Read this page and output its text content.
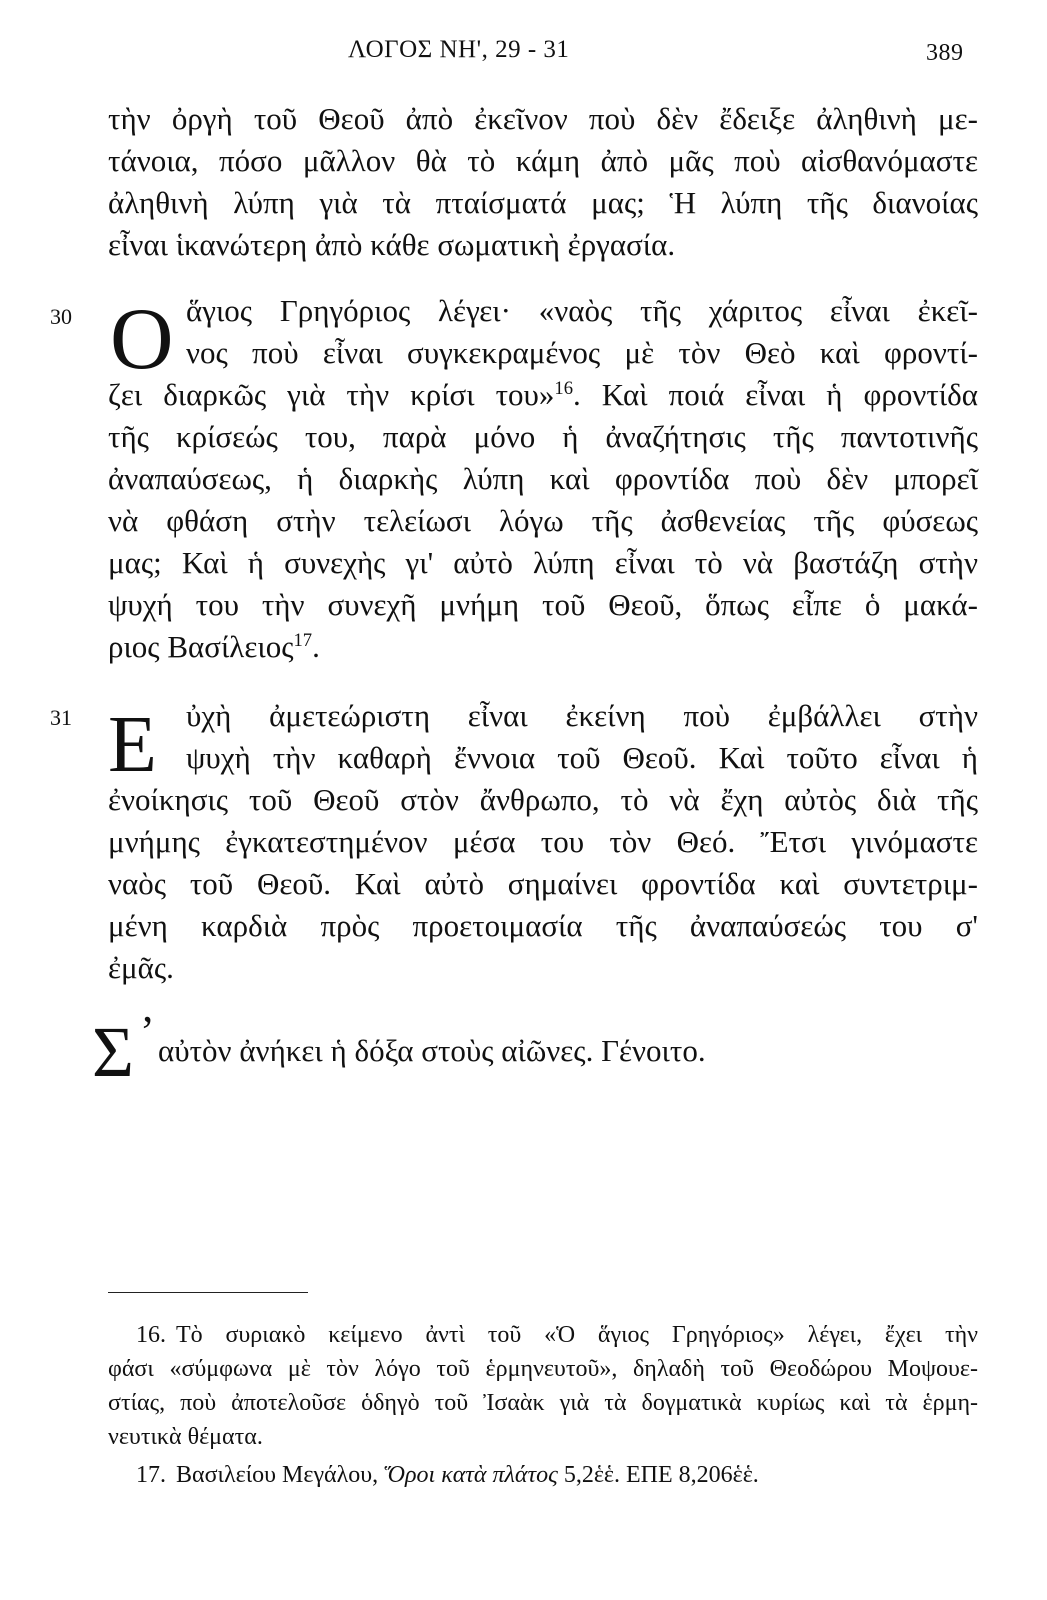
ΛΟΓΟΣ ΝΗ', 29 - 31	389
τὴν ὀργὴ τοῦ Θεοῦ ἀπὸ ἐκεῖνον ποὺ δὲν ἔδειξε ἀληθινὴ με-
τάνοια, πόσο μᾶλλον θὰ τὸ κάμη ἀπὸ μᾶς ποὺ αἰσθανόμαστε
ἀληθινὴ λύπη γιὰ τὰ πταίσματά μας; Ἡ λύπη τῆς διανοίας
εἶναι ἱκανώτερη ἀπὸ κάθε σωματικὴ ἐργασία.
30 Ο ἅγιος Γρηγόριος λέγει· «ναὸς τῆς χάριτος εἶναι ἐκεῖ-
νος ποὺ εἶναι συγκεκραμένος μὲ τὸν Θεὸ καὶ φροντί-
ζει διαρκῶς γιὰ τὴν κρίσι του»$^{16}$. Καὶ ποιά εἶναι ἡ φροντίδα
τῆς κρίσεώς του, παρὰ μόνο ἡ ἀναζήτησις τῆς παντοτινῆς
ἀναπαύσεως, ἡ διαρκὴς λύπη καὶ φροντίδα ποὺ δὲν μπορεῖ
νὰ φθάση στὴν τελείωσι λόγω τῆς ἀσθενείας τῆς φύσεως
μας; Καὶ ἡ συνεχὴς γι' αὐτὸ λύπη εἶναι τὸ νὰ βαστάζη στὴν
ψυχή του τὴν συνεχῆ μνήμη τοῦ Θεοῦ, ὅπως εἶπε ὁ μακά-
ριος Βασίλειος$^{17}$.
31 Ε ὐχὴ ἀμετεώριστη εἶναι ἐκείνη ποὺ ἐμβάλλει στὴν
ψυχὴ τὴν καθαρὴ ἔννοια τοῦ Θεοῦ. Καὶ τοῦτο εἶναι ἡ
ἐνοίκησις τοῦ Θεοῦ στὸν ἄνθρωπο, τὸ νὰ ἔχη αὐτὸς διὰ τῆς
μνήμης ἐγκατεστημένον μέσα του τὸν Θεό. Ἔτσι γινόμαστε
ναὸς τοῦ Θεοῦ. Καὶ αὐτὸ σημαίνει φροντίδα καὶ συντετριμ-
μένη καρδιὰ πρὸς προετοιμασία τῆς ἀναπαύσεώς του σ'
ἐμᾶς.
Σ ’ αὐτὸν ἀνήκει ἡ δόξα στοὺς αἰῶνες. Γένοιτο.
16. Τὸ συριακὸ κείμενο ἀντὶ τοῦ «Ὁ ἅγιος Γρηγόριος» λέγει, ἔχει τὴν
φάσι «σύμφωνα μὲ τὸν λόγο τοῦ ἑρμηνευτοῦ», δηλαδὴ τοῦ Θεοδώρου Μοψουε-
στίας, ποὺ ἀποτελοῦσε ὁδηγὸ τοῦ Ἰσαὰκ γιὰ τὰ δογματικὰ κυρίως καὶ τὰ ἑρμη-
νευτικὰ θέματα.
17. Βασιλείου Μεγάλου, Ὅροι κατὰ πλάτος 5,2ἑἑ. ΕΠΕ 8,206ἑἑ.
